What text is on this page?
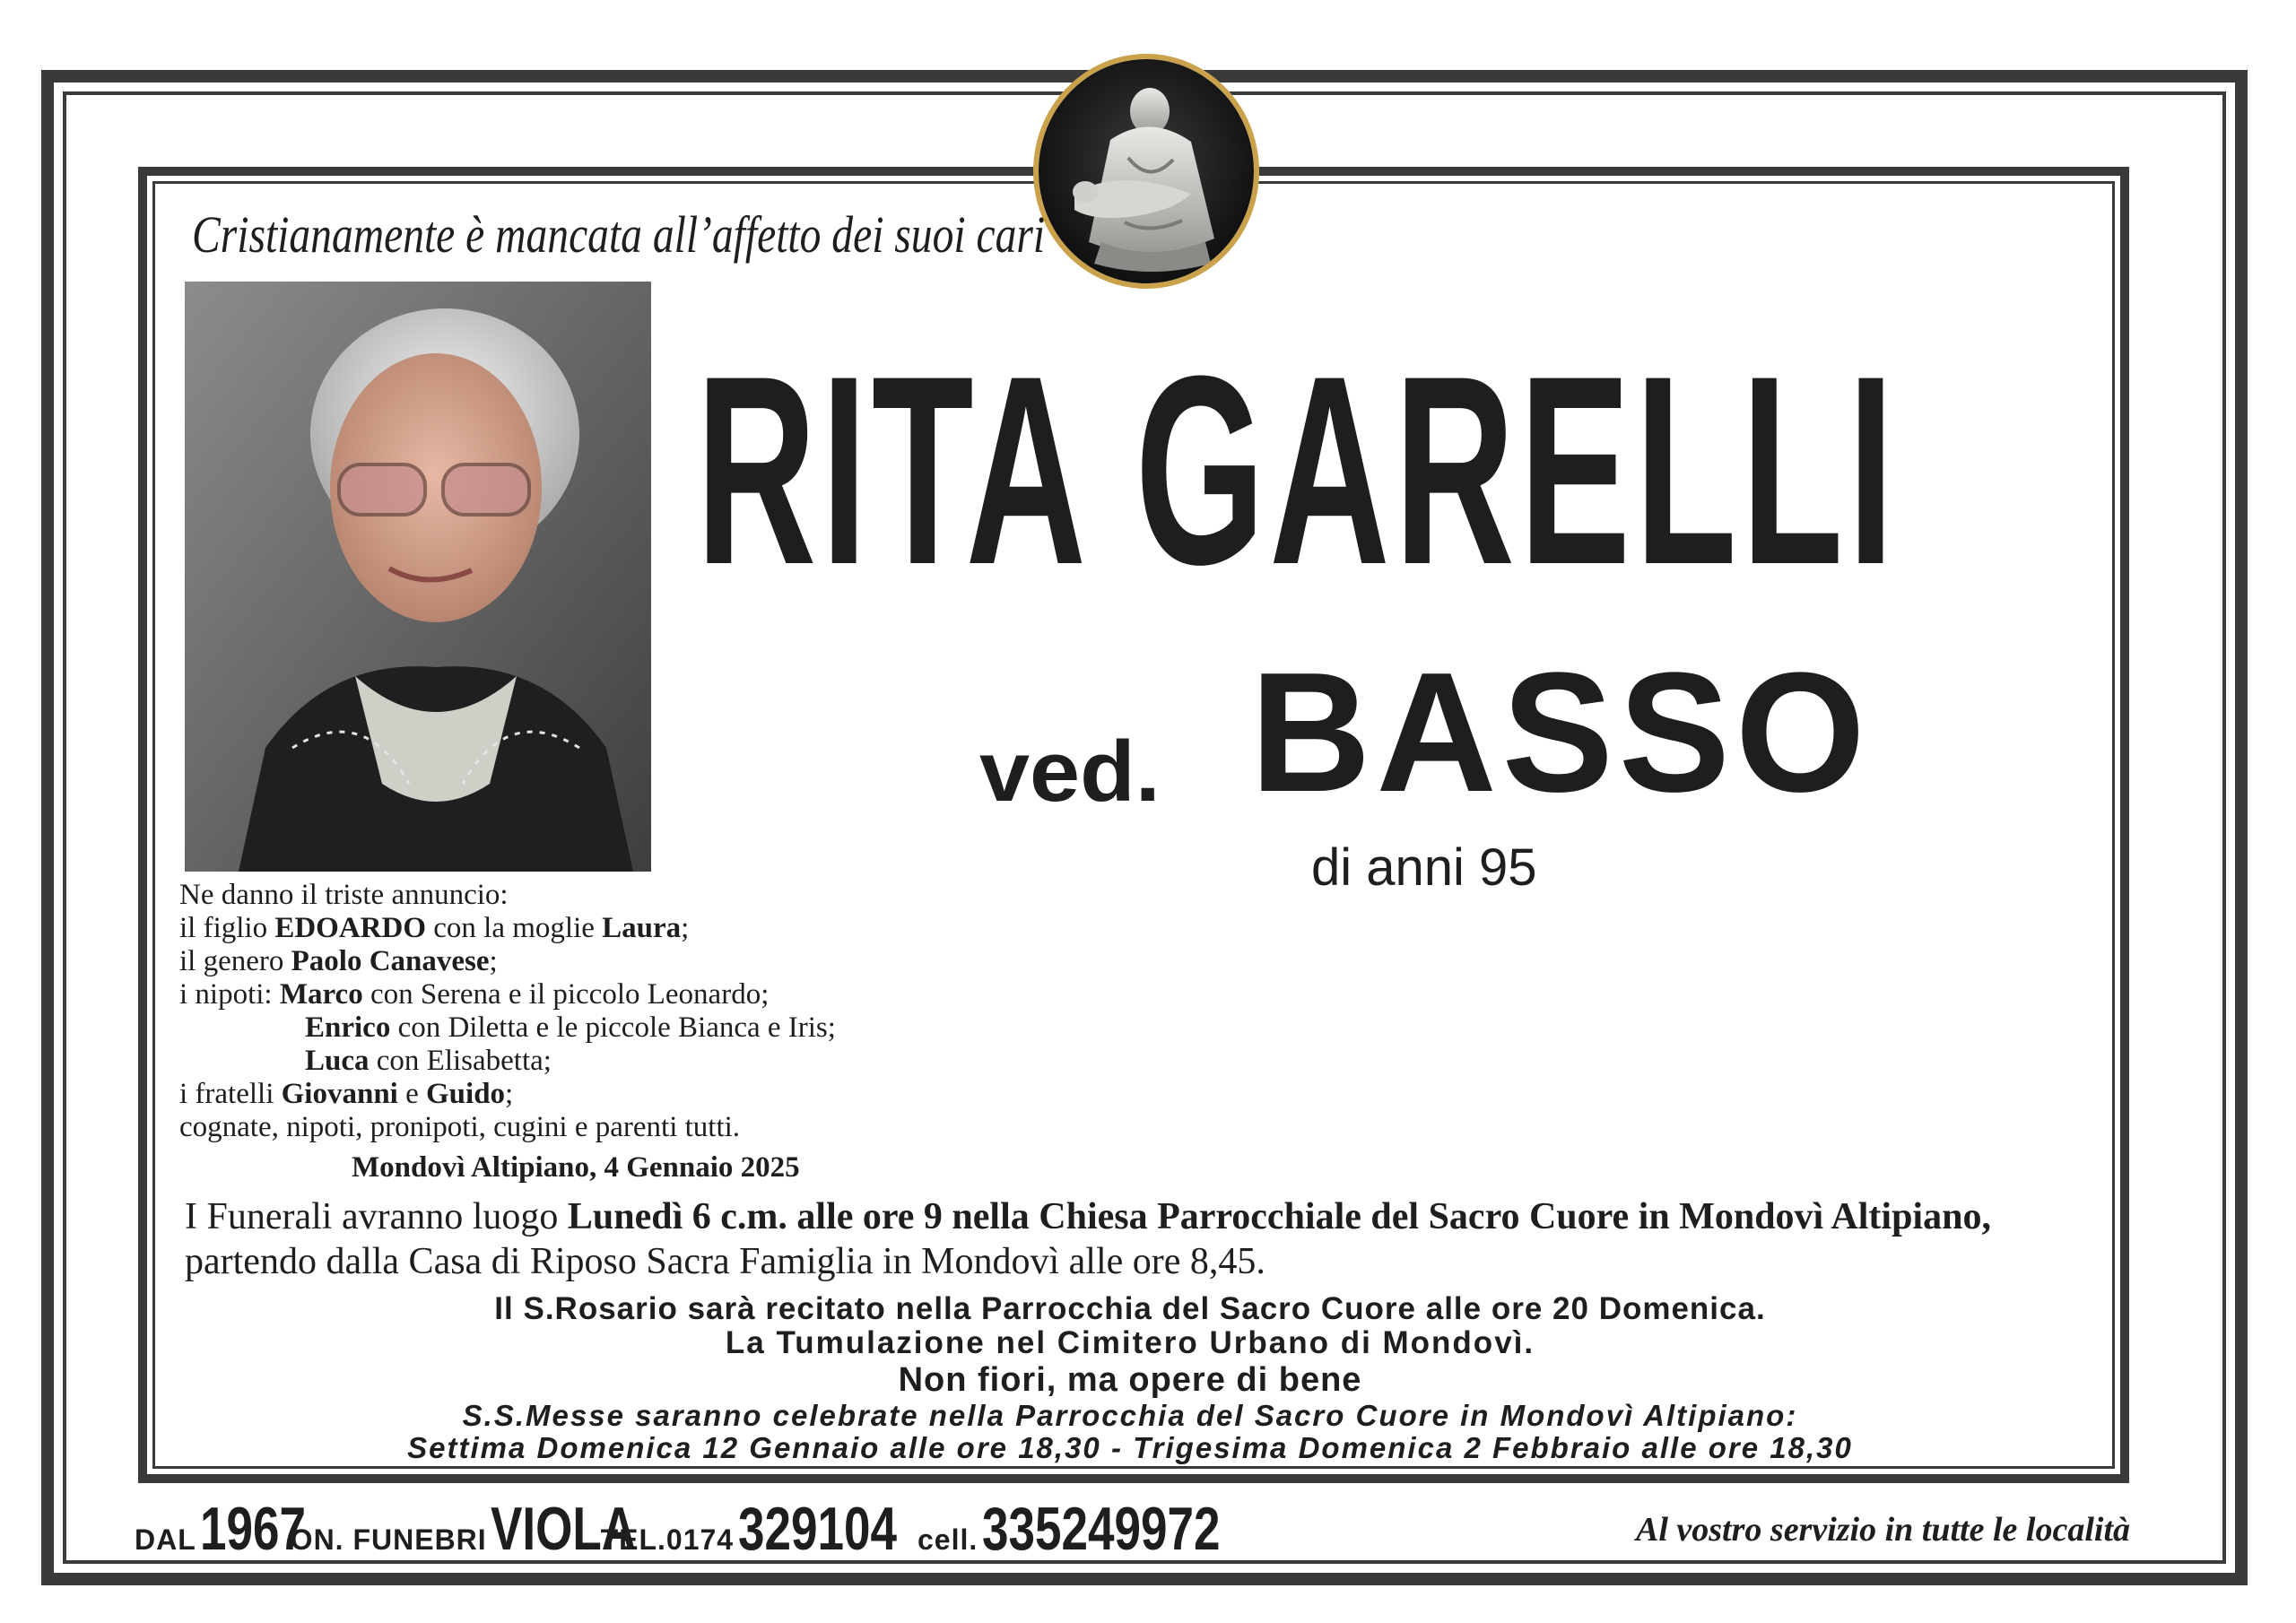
Cristianamente è mancata all’affetto dei suoi cari
RITA GARELLI
ved. BASSO
di anni 95
Ne danno il triste annuncio:
il figlio EDOARDO con la moglie Laura;
il genero Paolo Canavese;
i nipoti: Marco con Serena e il piccolo Leonardo;
Enrico con Diletta e le piccole Bianca e Iris;
Luca con Elisabetta;
i fratelli Giovanni e Guido;
cognate, nipoti, pronipoti, cugini e parenti tutti.
Mondovì Altipiano, 4 Gennaio 2025
I Funerali avranno luogo Lunedì 6 c.m. alle ore 9 nella Chiesa Parrocchiale del Sacro Cuore in Mondovì Altipiano,
partendo dalla Casa di Riposo Sacra Famiglia in Mondovì alle ore 8,45.
Il S.Rosario sarà recitato nella Parrocchia del Sacro Cuore alle ore 20 Domenica.
La Tumulazione nel Cimitero Urbano di Mondovì.
Non fiori, ma opere di bene
S.S.Messe saranno celebrate nella Parrocchia del Sacro Cuore in Mondovì Altipiano:
Settima Domenica 12 Gennaio alle ore 18,30 - Trigesima Domenica 2 Febbraio alle ore 18,30
DAL 1967 ON. FUNEBRI VIOLA TEL.0174 329104 cell. 335249972	Al vostro servizio in tutte le località
